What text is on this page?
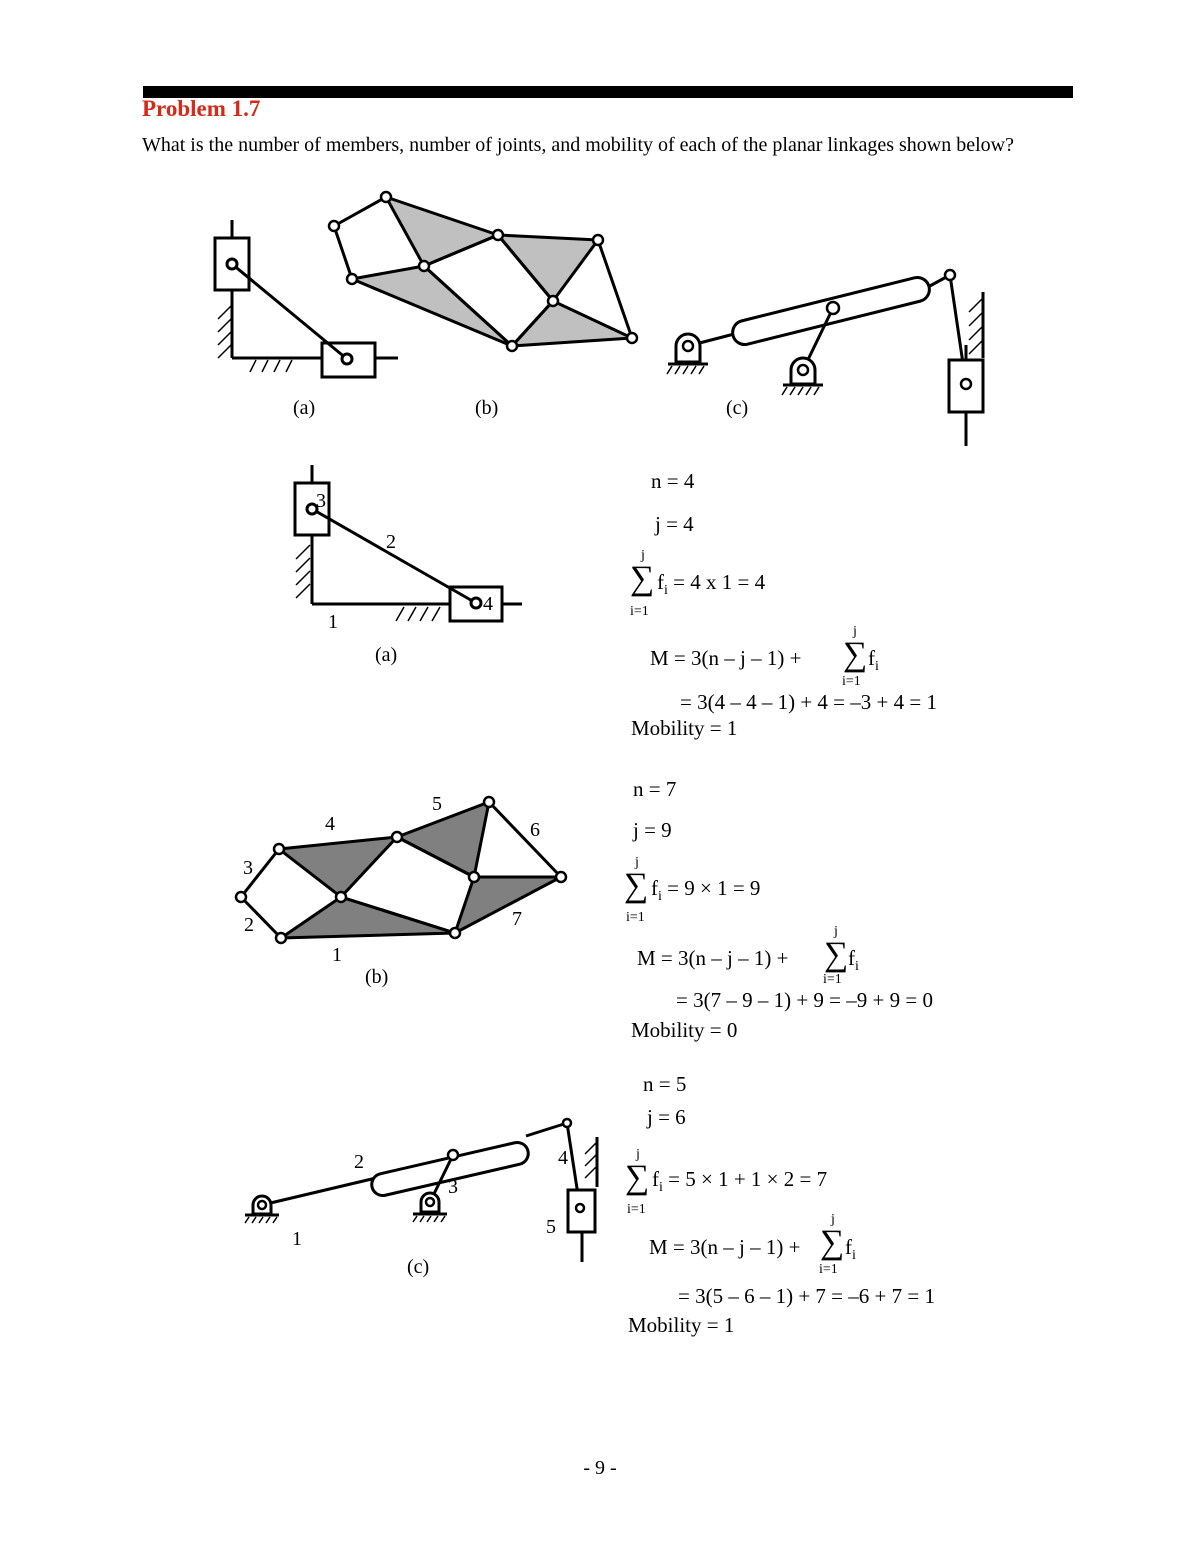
Problem 1.7
What is the number of members, number of joints, and mobility of each of the planar linkages shown below?
(a)	(b)	(c)
(a)
(b)
(c)
1
2
3
4
1
2
3
4
5
6
7
1
2
3
4
5
n = 4
j = 4
j
∑
i=1
$f_i = 4$ x 1 = 4
M = 3(n – j – 1) +
j
∑
i=1
$f_i$
= 3(4 – 4 – 1) + 4 = –3 + 4 = 1
Mobility = 1
n = 7
j = 9
j
∑
i=1
$f_i = 9 \times 1 = 9$
M = 3(n – j – 1) +
j
∑
i=1
$f_i$
= 3(7 – 9 – 1) + 9 = –9 + 9 = 0
Mobility = 0
n = 5
j = 6
j
∑
i=1
$f_i = 5 \times 1 + 1 \times 2 = 7$
M = 3(n – j – 1) +
j
∑
i=1
$f_i$
= 3(5 – 6 – 1) + 7 = –6 + 7 = 1
Mobility = 1
- 9 -
